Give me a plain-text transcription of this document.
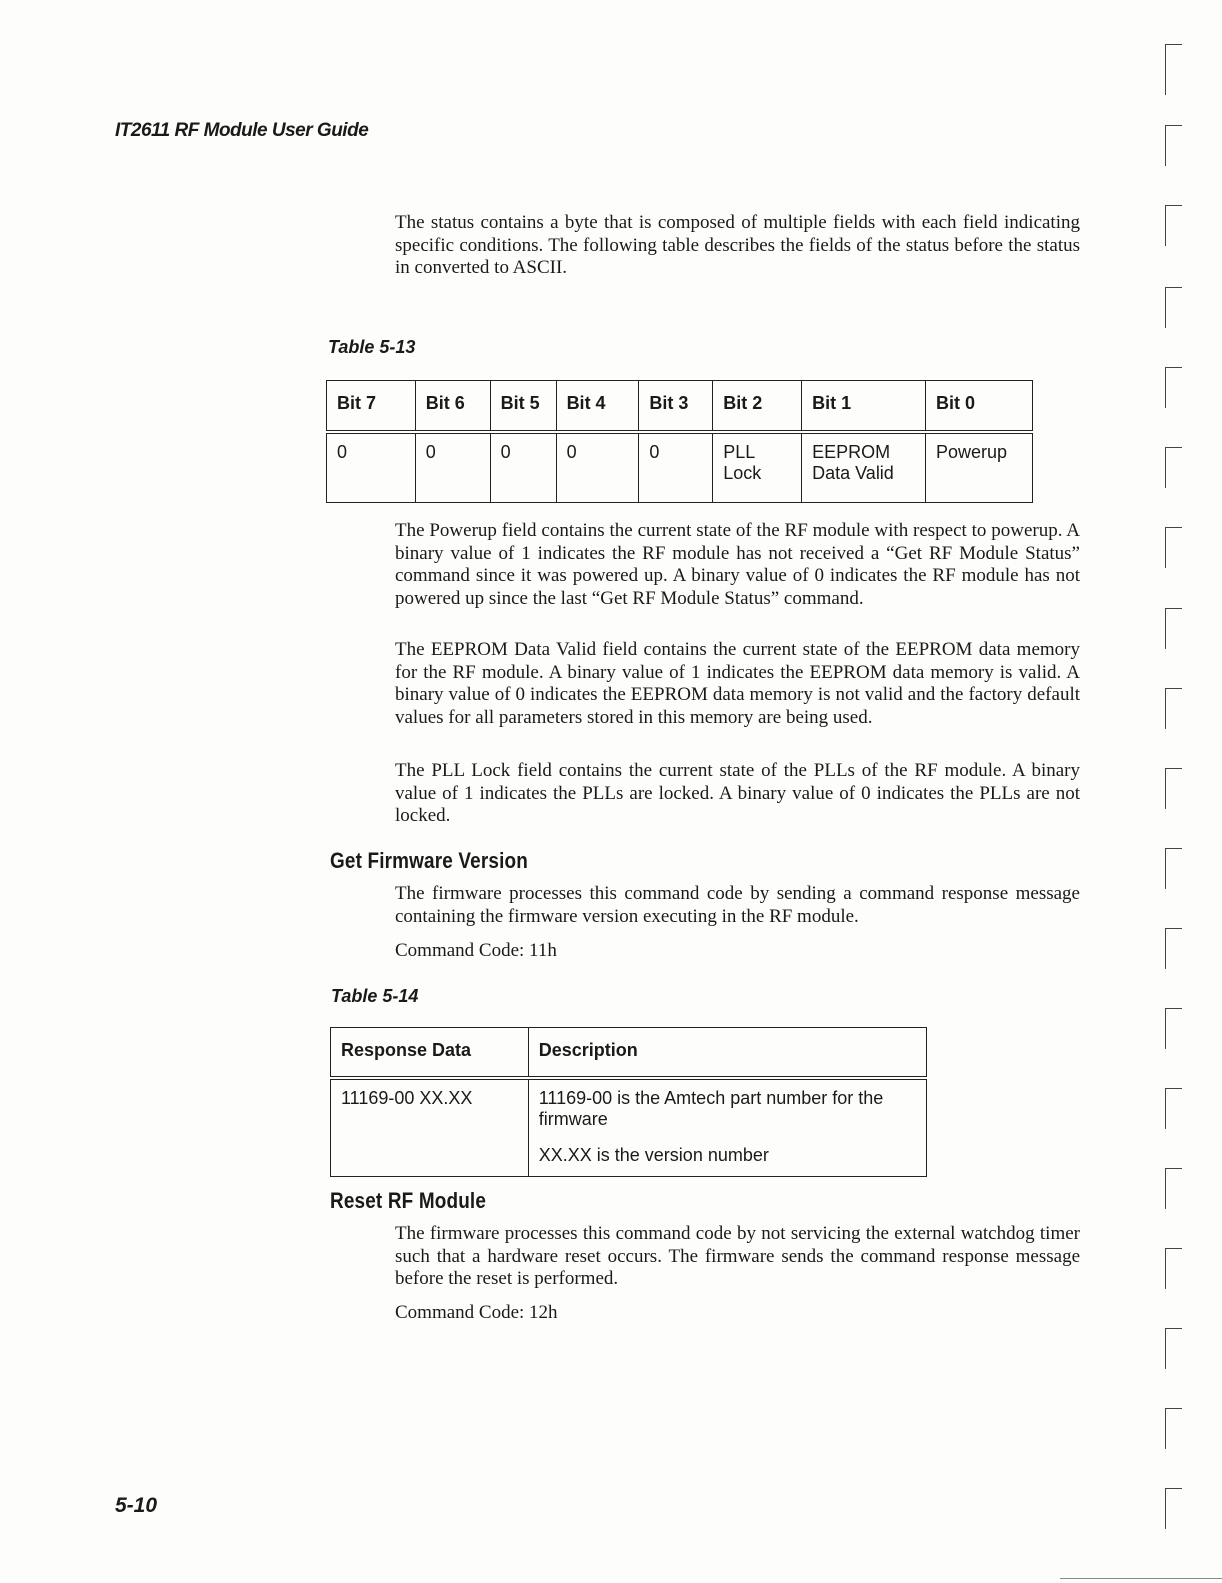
IT2611 RF Module User Guide

The status contains a byte that is composed of multiple fields with each field indicating specific conditions. The following table describes the fields of the status before the status in converted to ASCII.

Table 5-13
Bit 7	Bit 6	Bit 5	Bit 4	Bit 3	Bit 2	Bit 1	Bit 0
0	0	0	0	0	PLL Lock	EEPROM Data Valid	Powerup

The Powerup field contains the current state of the RF module with respect to powerup. A binary value of 1 indicates the RF module has not received a “Get RF Module Status” command since it was powered up. A binary value of 0 indicates the RF module has not powered up since the last “Get RF Module Status” command.

The EEPROM Data Valid field contains the current state of the EEPROM data memory for the RF module. A binary value of 1 indicates the EEPROM data memory is valid. A binary value of 0 indicates the EEPROM data memory is not valid and the factory default values for all parameters stored in this memory are being used.

The PLL Lock field contains the current state of the PLLs of the RF module. A binary value of 1 indicates the PLLs are locked. A binary value of 0 indicates the PLLs are not locked.

Get Firmware Version

The firmware processes this command code by sending a command response message containing the firmware version executing in the RF module.

Command Code: 11h

Table 5-14
Response Data	Description
11169-00 XX.XX	11169-00 is the Amtech part number for the firmware
	XX.XX is the version number
Reset RF Module

The firmware processes this command code by not servicing the external watchdog timer such that a hardware reset occurs. The firmware sends the command response message before the reset is performed.

Command Code: 12h

5-10
